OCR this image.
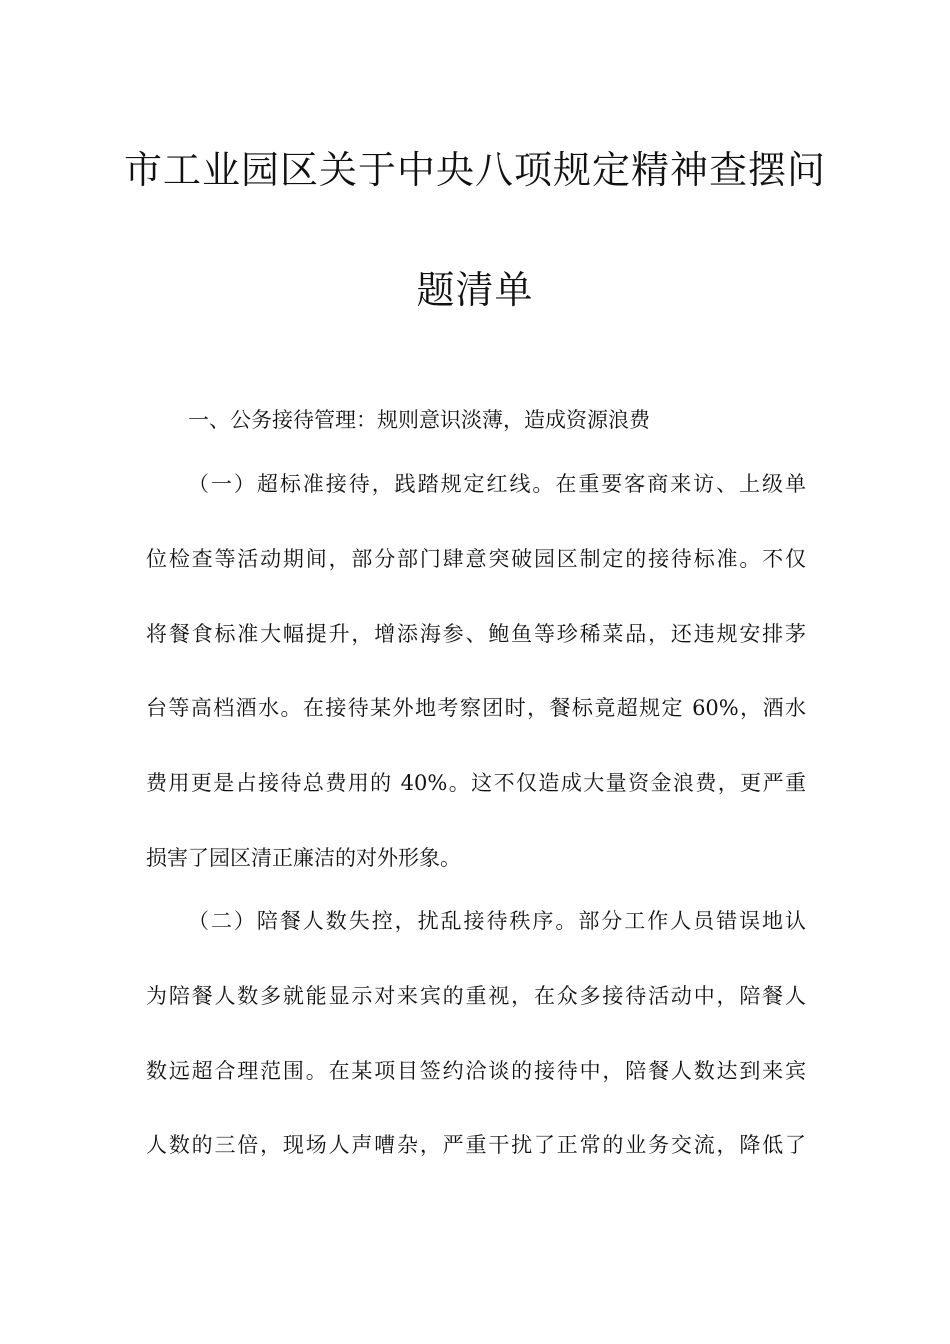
市工业园区关于中央八项规定精神查摆问
题清单
一、公务接待管理：规则意识淡薄，造成资源浪费
（一）超标准接待，践踏规定红线。在重要客商来访、上级单
位检查等活动期间，部分部门肆意突破园区制定的接待标准。不仅
将餐食标准大幅提升，增添海参、鲍鱼等珍稀菜品，还违规安排茅
台等高档酒水。在接待某外地考察团时，餐标竟超规定 60%，酒水
费用更是占接待总费用的 40%。这不仅造成大量资金浪费，更严重
损害了园区清正廉洁的对外形象。
（二）陪餐人数失控，扰乱接待秩序。部分工作人员错误地认
为陪餐人数多就能显示对来宾的重视，在众多接待活动中，陪餐人
数远超合理范围。在某项目签约洽谈的接待中，陪餐人数达到来宾
人数的三倍，现场人声嘈杂，严重干扰了正常的业务交流，降低了
